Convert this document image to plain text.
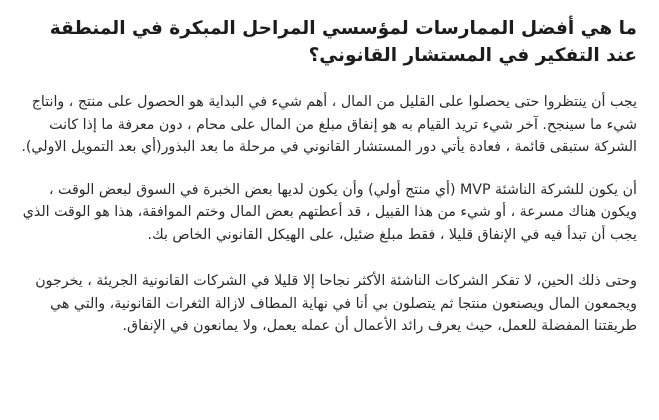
ما هي أفضل الممارسات لمؤسسي المراحل المبكرة في المنطقة عند التفكير في المستشار القانوني؟

يجب أن ينتظروا حتى يحصلوا على القليل من المال ، أهم شيء في البداية هو الحصول على منتج ، وانتاج شيء ما سينجح. آخر شيء تريد القيام به هو إنفاق مبلغ من المال على محام ، دون معرفة ما إذا كانت الشركة ستبقى قائمة ، فعادة يأتي دور المستشار القانوني في مرحلة ما بعد البذور(أي بعد التمويل الاولي).

أن يكون للشركة الناشئة MVP (أي منتج أولي) وأن يكون لديها بعض الخبرة في السوق لبعض الوقت ، ويكون هناك مسرعة ، أو شيء من هذا القبيل ، قد أعطتهم بعض المال وختم الموافقة، هذا هو الوقت الذي يجب أن تبدأ فيه في الإنفاق قليلا ، فقط مبلغ ضئيل، على الهيكل القانوني الخاص بك.

وحتى ذلك الحين، لا تفكر الشركات الناشئة الأكثر نجاحا إلا قليلا في الشركات القانونية الجريئة ، يخرجون ويجمعون المال ويصنعون منتجا ثم يتصلون بي أنا في نهاية المطاف لازالة الثغرات القانونية، والتي هي طريقتنا المفضلة للعمل، حيث يعرف رائد الأعمال أن عمله يعمل، ولا يمانعون في الإنفاق.
